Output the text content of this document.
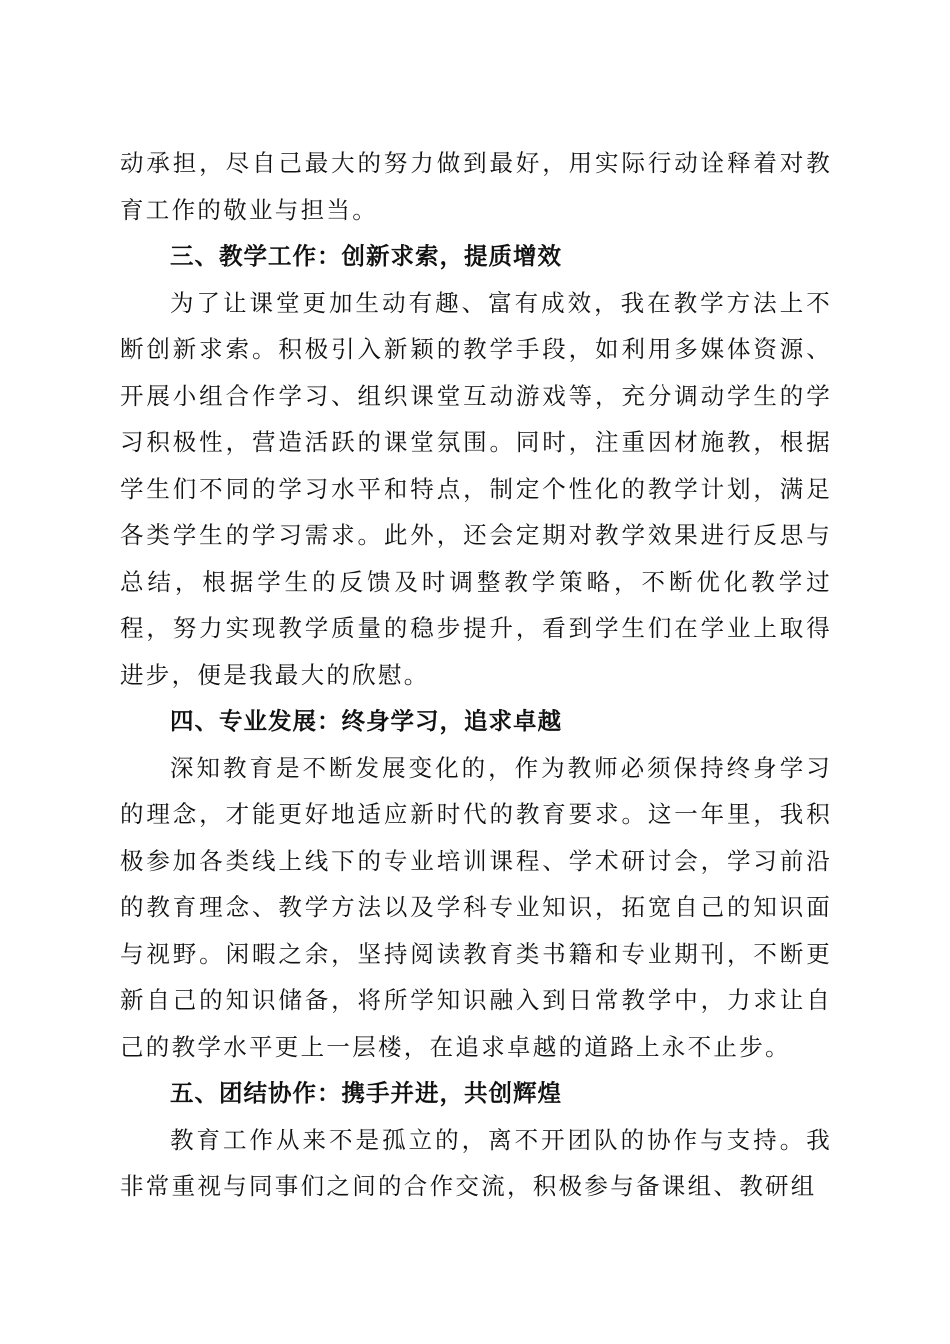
动承担，尽自己最大的努力做到最好，用实际行动诠释着对教育工作的敬业与担当。

三、教学工作：创新求索，提质增效

为了让课堂更加生动有趣、富有成效，我在教学方法上不断创新求索。积极引入新颖的教学手段，如利用多媒体资源、开展小组合作学习、组织课堂互动游戏等，充分调动学生的学习积极性，营造活跃的课堂氛围。同时，注重因材施教，根据学生们不同的学习水平和特点，制定个性化的教学计划，满足各类学生的学习需求。此外，还会定期对教学效果进行反思与总结，根据学生的反馈及时调整教学策略，不断优化教学过程，努力实现教学质量的稳步提升，看到学生们在学业上取得进步，便是我最大的欣慰。

四、专业发展：终身学习，追求卓越

深知教育是不断发展变化的，作为教师必须保持终身学习的理念，才能更好地适应新时代的教育要求。这一年里，我积极参加各类线上线下的专业培训课程、学术研讨会，学习前沿的教育理念、教学方法以及学科专业知识，拓宽自己的知识面与视野。闲暇之余，坚持阅读教育类书籍和专业期刊，不断更新自己的知识储备，将所学知识融入到日常教学中，力求让自己的教学水平更上一层楼，在追求卓越的道路上永不止步。

五、团结协作：携手并进，共创辉煌

教育工作从来不是孤立的，离不开团队的协作与支持。我非常重视与同事们之间的合作交流，积极参与备课组、教研组
